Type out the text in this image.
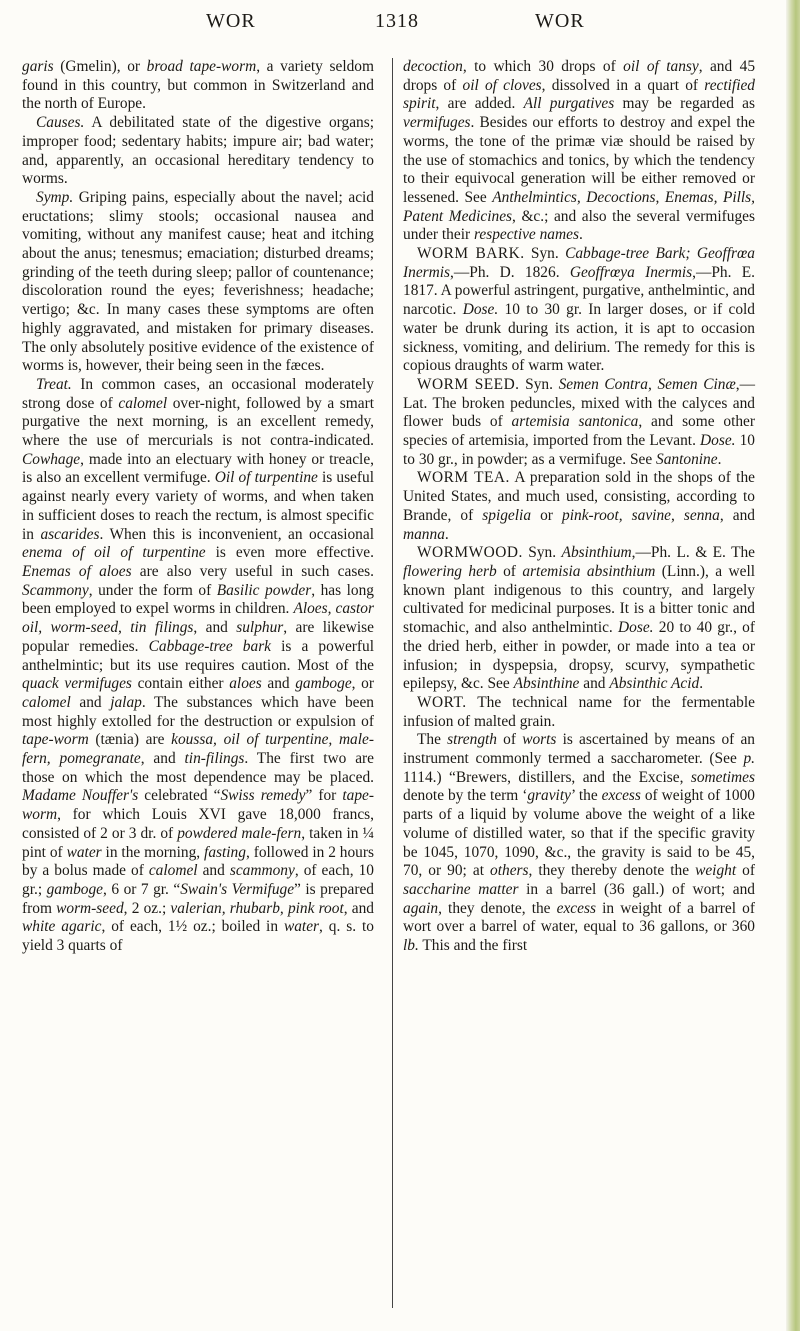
WOR	1318	WOR

garis (Gmelin), or broad tape-worm, a variety seldom found in this country, but common in Switzerland and the north of Europe.

Causes. A debilitated state of the digestive organs; improper food; sedentary habits; impure air; bad water; and, apparently, an occasional hereditary tendency to worms.

Symp. Griping pains, especially about the navel; acid eructations; slimy stools; occasional nausea and vomiting, without any manifest cause; heat and itching about the anus; tenesmus; emaciation; disturbed dreams; grinding of the teeth during sleep; pallor of countenance; discoloration round the eyes; feverishness; headache; vertigo; &c. In many cases these symptoms are often highly aggravated, and mistaken for primary diseases. The only absolutely positive evidence of the existence of worms is, however, their being seen in the fæces.

Treat. In common cases, an occasional moderately strong dose of calomel over-night, followed by a smart purgative the next morning, is an excellent remedy, where the use of mercurials is not contra-indicated. Cowhage, made into an electuary with honey or treacle, is also an excellent vermifuge. Oil of turpentine is useful against nearly every variety of worms, and when taken in sufficient doses to reach the rectum, is almost specific in ascarides. When this is inconvenient, an occasional enema of oil of turpentine is even more effective. Enemas of aloes are also very useful in such cases. Scammony, under the form of Basilic powder, has long been employed to expel worms in children. Aloes, castor oil, worm-seed, tin filings, and sulphur, are likewise popular remedies. Cabbage-tree bark is a powerful anthelmintic; but its use requires caution. Most of the quack vermifuges contain either aloes and gamboge, or calomel and jalap. The substances which have been most highly extolled for the destruction or expulsion of tape-worm (tænia) are koussa, oil of turpentine, male-fern, pomegranate, and tin-filings. The first two are those on which the most dependence may be placed. Madame Nouffer's celebrated “Swiss remedy” for tape-worm, for which Louis XVI gave 18,000 francs, consisted of 2 or 3 dr. of powdered male-fern, taken in ¼ pint of water in the morning, fasting, followed in 2 hours by a bolus made of calomel and scammony, of each, 10 gr.; gamboge, 6 or 7 gr. “Swain's Vermifuge” is prepared from worm-seed, 2 oz.; valerian, rhubarb, pink root, and white agaric, of each, 1½ oz.; boiled in water, q. s. to yield 3 quarts of

decoction, to which 30 drops of oil of tansy, and 45 drops of oil of cloves, dissolved in a quart of rectified spirit, are added. All purgatives may be regarded as vermifuges. Besides our efforts to destroy and expel the worms, the tone of the primæ viæ should be raised by the use of stomachics and tonics, by which the tendency to their equivocal generation will be either removed or lessened. See Anthelmintics, Decoctions, Enemas, Pills, Patent Medicines, &c.; and also the several vermifuges under their respective names.

WORM BARK. Syn. Cabbage-tree Bark; Geoffrœa Inermis,—Ph. D. 1826. Geoffrœya Inermis,—Ph. E. 1817. A powerful astringent, purgative, anthelmintic, and narcotic. Dose. 10 to 30 gr. In larger doses, or if cold water be drunk during its action, it is apt to occasion sickness, vomiting, and delirium. The remedy for this is copious draughts of warm water.

WORM SEED. Syn. Semen Contra, Semen Cinæ,—Lat. The broken peduncles, mixed with the calyces and flower buds of artemisia santonica, and some other species of artemisia, imported from the Levant. Dose. 10 to 30 gr., in powder; as a vermifuge. See Santonine.

WORM TEA. A preparation sold in the shops of the United States, and much used, consisting, according to Brande, of spigelia or pink-root, savine, senna, and manna.

WORMWOOD. Syn. Absinthium,—Ph. L. & E. The flowering herb of artemisia absinthium (Linn.), a well known plant indigenous to this country, and largely cultivated for medicinal purposes. It is a bitter tonic and stomachic, and also anthelmintic. Dose. 20 to 40 gr., of the dried herb, either in powder, or made into a tea or infusion; in dyspepsia, dropsy, scurvy, sympathetic epilepsy, &c. See Absinthine and Absinthic Acid.

WORT. The technical name for the fermentable infusion of malted grain.

The strength of worts is ascertained by means of an instrument commonly termed a saccharometer. (See p. 1114.) “Brewers, distillers, and the Excise, sometimes denote by the term ‘gravity’ the excess of weight of 1000 parts of a liquid by volume above the weight of a like volume of distilled water, so that if the specific gravity be 1045, 1070, 1090, &c., the gravity is said to be 45, 70, or 90; at others, they thereby denote the weight of saccharine matter in a barrel (36 gall.) of wort; and again, they denote, the excess in weight of a barrel of wort over a barrel of water, equal to 36 gallons, or 360 lb. This and the first
